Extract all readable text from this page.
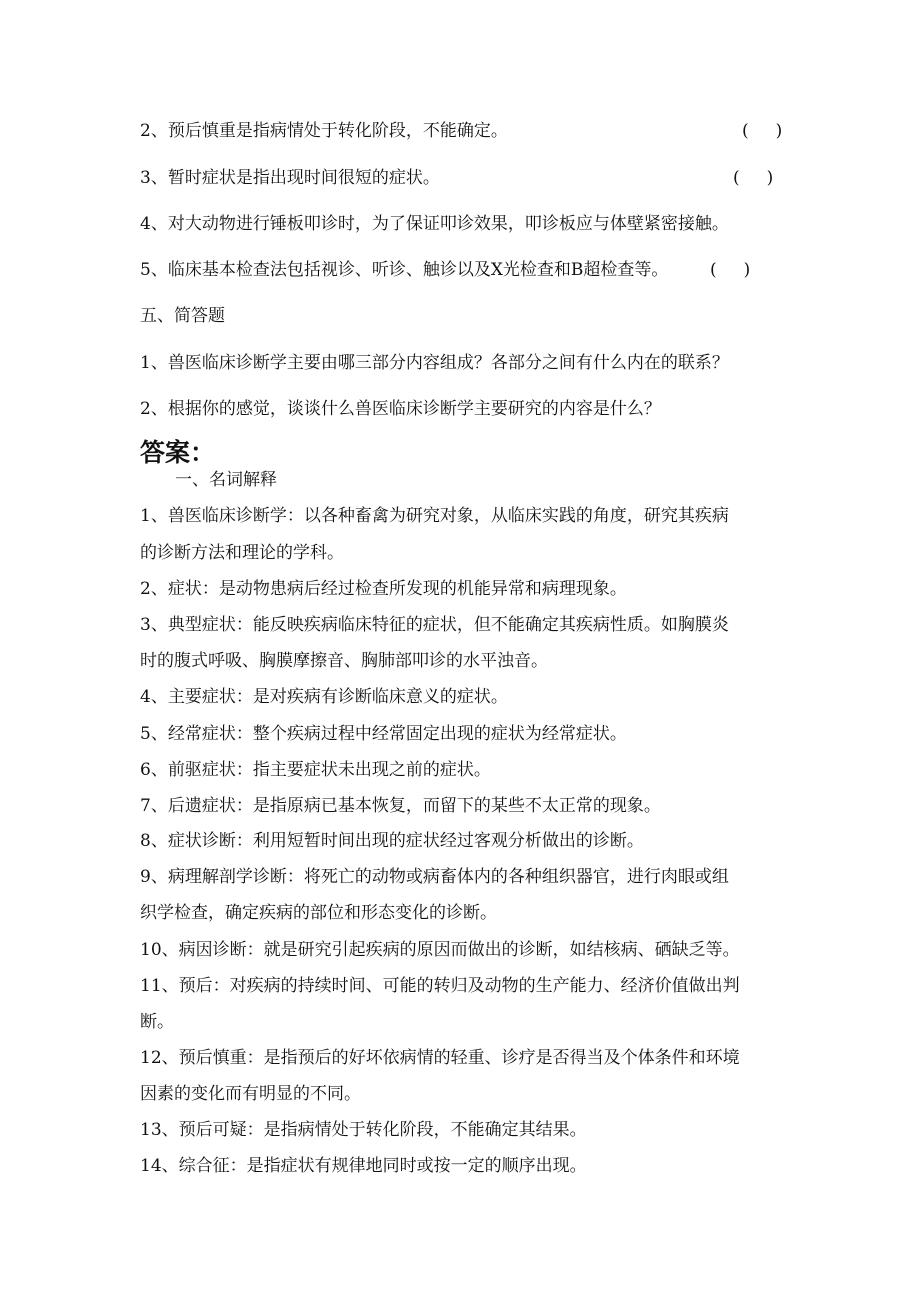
2、预后慎重是指病情处于转化阶段，不能确定。	(     )
3、暂时症状是指出现时间很短的症状。	(     )
4、对大动物进行锤板叩诊时，为了保证叩诊效果，叩诊板应与体壁紧密接触。
5、临床基本检查法包括视诊、听诊、触诊以及X光检查和B超检查等。 (     )
五、简答题
1、兽医临床诊断学主要由哪三部分内容组成？各部分之间有什么内在的联系？
2、根据你的感觉，谈谈什么兽医临床诊断学主要研究的内容是什么？
答案：
一、名词解释
1、兽医临床诊断学：以各种畜禽为研究对象，从临床实践的角度，研究其疾病
的诊断方法和理论的学科。
2、症状：是动物患病后经过检查所发现的机能异常和病理现象。
3、典型症状：能反映疾病临床特征的症状，但不能确定其疾病性质。如胸膜炎
时的腹式呼吸、胸膜摩擦音、胸肺部叩诊的水平浊音。
4、主要症状：是对疾病有诊断临床意义的症状。
5、经常症状：整个疾病过程中经常固定出现的症状为经常症状。
6、前驱症状：指主要症状未出现之前的症状。
7、后遗症状：是指原病已基本恢复，而留下的某些不太正常的现象。
8、症状诊断：利用短暂时间出现的症状经过客观分析做出的诊断。
9、病理解剖学诊断：将死亡的动物或病畜体内的各种组织器官，进行肉眼或组
织学检查，确定疾病的部位和形态变化的诊断。
10、病因诊断：就是研究引起疾病的原因而做出的诊断，如结核病、硒缺乏等。
11、预后：对疾病的持续时间、可能的转归及动物的生产能力、经济价值做出判
断。
12、预后慎重：是指预后的好坏依病情的轻重、诊疗是否得当及个体条件和环境
因素的变化而有明显的不同。
13、预后可疑：是指病情处于转化阶段，不能确定其结果。
14、综合征：是指症状有规律地同时或按一定的顺序出现。
